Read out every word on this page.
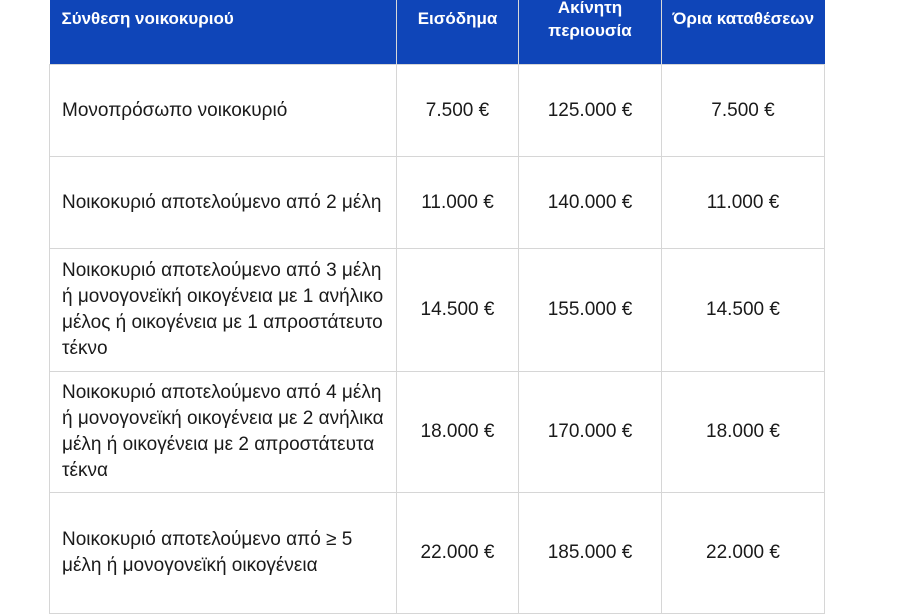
Σύνθεση νοικοκυριού	Εισόδημα	Ακίνητη περιουσία	Όρια καταθέσεων
Μονοπρόσωπο νοικοκυριό	7.500 €	125.000 €	7.500 €
Νοικοκυριό αποτελούμενο από 2 μέλη	11.000 €	140.000 €	11.000 €
Νοικοκυριό αποτελούμενο από 3 μέλη ή μονογονεϊκή οικογένεια με 1 ανήλικο μέλος ή οικογένεια με 1 απροστάτευτο τέκνο	14.500 €	155.000 €	14.500 €
Νοικοκυριό αποτελούμενο από 4 μέλη ή μονογονεϊκή οικογένεια με 2 ανήλικα μέλη ή οικογένεια με 2 απροστάτευτα τέκνα	18.000 €	170.000 €	18.000 €
Νοικοκυριό αποτελούμενο από ≥ 5 μέλη ή μονογονεϊκή οικογένεια	22.000 €	185.000 €	22.000 €
